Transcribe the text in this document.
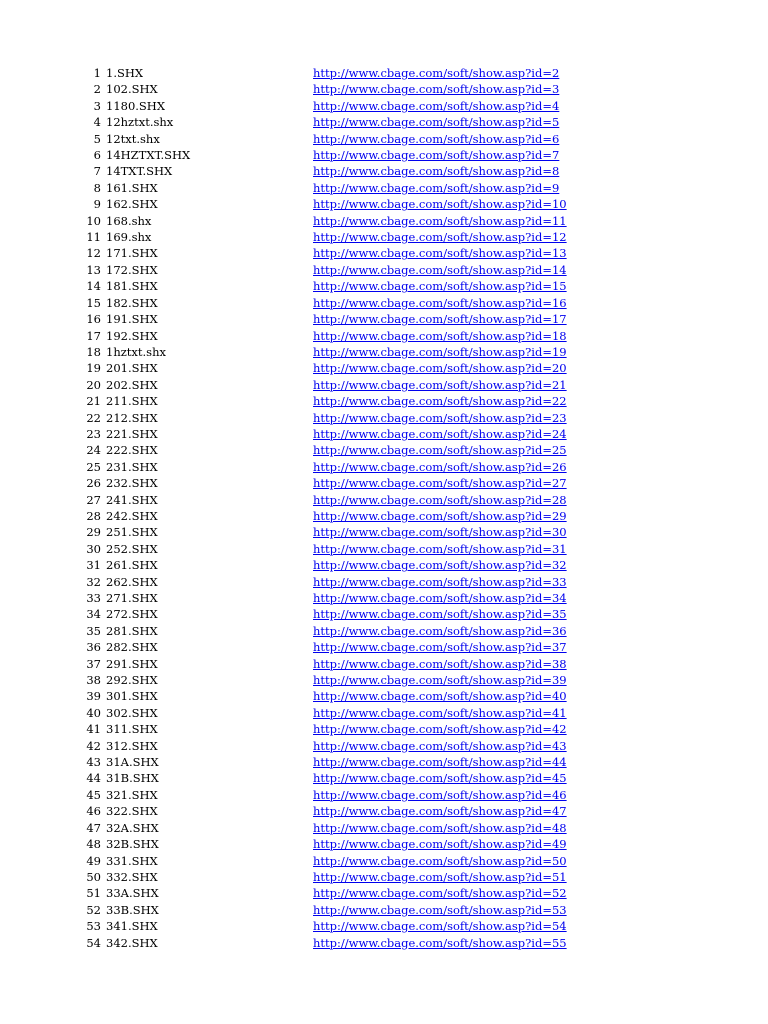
1 1.SHX	http://www.cbage.com/soft/show.asp?id=2
2 102.SHX	http://www.cbage.com/soft/show.asp?id=3
3 1180.SHX	http://www.cbage.com/soft/show.asp?id=4
4 12hztxt.shx	http://www.cbage.com/soft/show.asp?id=5
5 12txt.shx	http://www.cbage.com/soft/show.asp?id=6
6 14HZTXT.SHX	http://www.cbage.com/soft/show.asp?id=7
7 14TXT.SHX	http://www.cbage.com/soft/show.asp?id=8
8 161.SHX	http://www.cbage.com/soft/show.asp?id=9
9 162.SHX	http://www.cbage.com/soft/show.asp?id=10
10 168.shx	http://www.cbage.com/soft/show.asp?id=11
11 169.shx	http://www.cbage.com/soft/show.asp?id=12
12 171.SHX	http://www.cbage.com/soft/show.asp?id=13
13 172.SHX	http://www.cbage.com/soft/show.asp?id=14
14 181.SHX	http://www.cbage.com/soft/show.asp?id=15
15 182.SHX	http://www.cbage.com/soft/show.asp?id=16
16 191.SHX	http://www.cbage.com/soft/show.asp?id=17
17 192.SHX	http://www.cbage.com/soft/show.asp?id=18
18 1hztxt.shx	http://www.cbage.com/soft/show.asp?id=19
19 201.SHX	http://www.cbage.com/soft/show.asp?id=20
20 202.SHX	http://www.cbage.com/soft/show.asp?id=21
21 211.SHX	http://www.cbage.com/soft/show.asp?id=22
22 212.SHX	http://www.cbage.com/soft/show.asp?id=23
23 221.SHX	http://www.cbage.com/soft/show.asp?id=24
24 222.SHX	http://www.cbage.com/soft/show.asp?id=25
25 231.SHX	http://www.cbage.com/soft/show.asp?id=26
26 232.SHX	http://www.cbage.com/soft/show.asp?id=27
27 241.SHX	http://www.cbage.com/soft/show.asp?id=28
28 242.SHX	http://www.cbage.com/soft/show.asp?id=29
29 251.SHX	http://www.cbage.com/soft/show.asp?id=30
30 252.SHX	http://www.cbage.com/soft/show.asp?id=31
31 261.SHX	http://www.cbage.com/soft/show.asp?id=32
32 262.SHX	http://www.cbage.com/soft/show.asp?id=33
33 271.SHX	http://www.cbage.com/soft/show.asp?id=34
34 272.SHX	http://www.cbage.com/soft/show.asp?id=35
35 281.SHX	http://www.cbage.com/soft/show.asp?id=36
36 282.SHX	http://www.cbage.com/soft/show.asp?id=37
37 291.SHX	http://www.cbage.com/soft/show.asp?id=38
38 292.SHX	http://www.cbage.com/soft/show.asp?id=39
39 301.SHX	http://www.cbage.com/soft/show.asp?id=40
40 302.SHX	http://www.cbage.com/soft/show.asp?id=41
41 311.SHX	http://www.cbage.com/soft/show.asp?id=42
42 312.SHX	http://www.cbage.com/soft/show.asp?id=43
43 31A.SHX	http://www.cbage.com/soft/show.asp?id=44
44 31B.SHX	http://www.cbage.com/soft/show.asp?id=45
45 321.SHX	http://www.cbage.com/soft/show.asp?id=46
46 322.SHX	http://www.cbage.com/soft/show.asp?id=47
47 32A.SHX	http://www.cbage.com/soft/show.asp?id=48
48 32B.SHX	http://www.cbage.com/soft/show.asp?id=49
49 331.SHX	http://www.cbage.com/soft/show.asp?id=50
50 332.SHX	http://www.cbage.com/soft/show.asp?id=51
51 33A.SHX	http://www.cbage.com/soft/show.asp?id=52
52 33B.SHX	http://www.cbage.com/soft/show.asp?id=53
53 341.SHX	http://www.cbage.com/soft/show.asp?id=54
54 342.SHX	http://www.cbage.com/soft/show.asp?id=55
